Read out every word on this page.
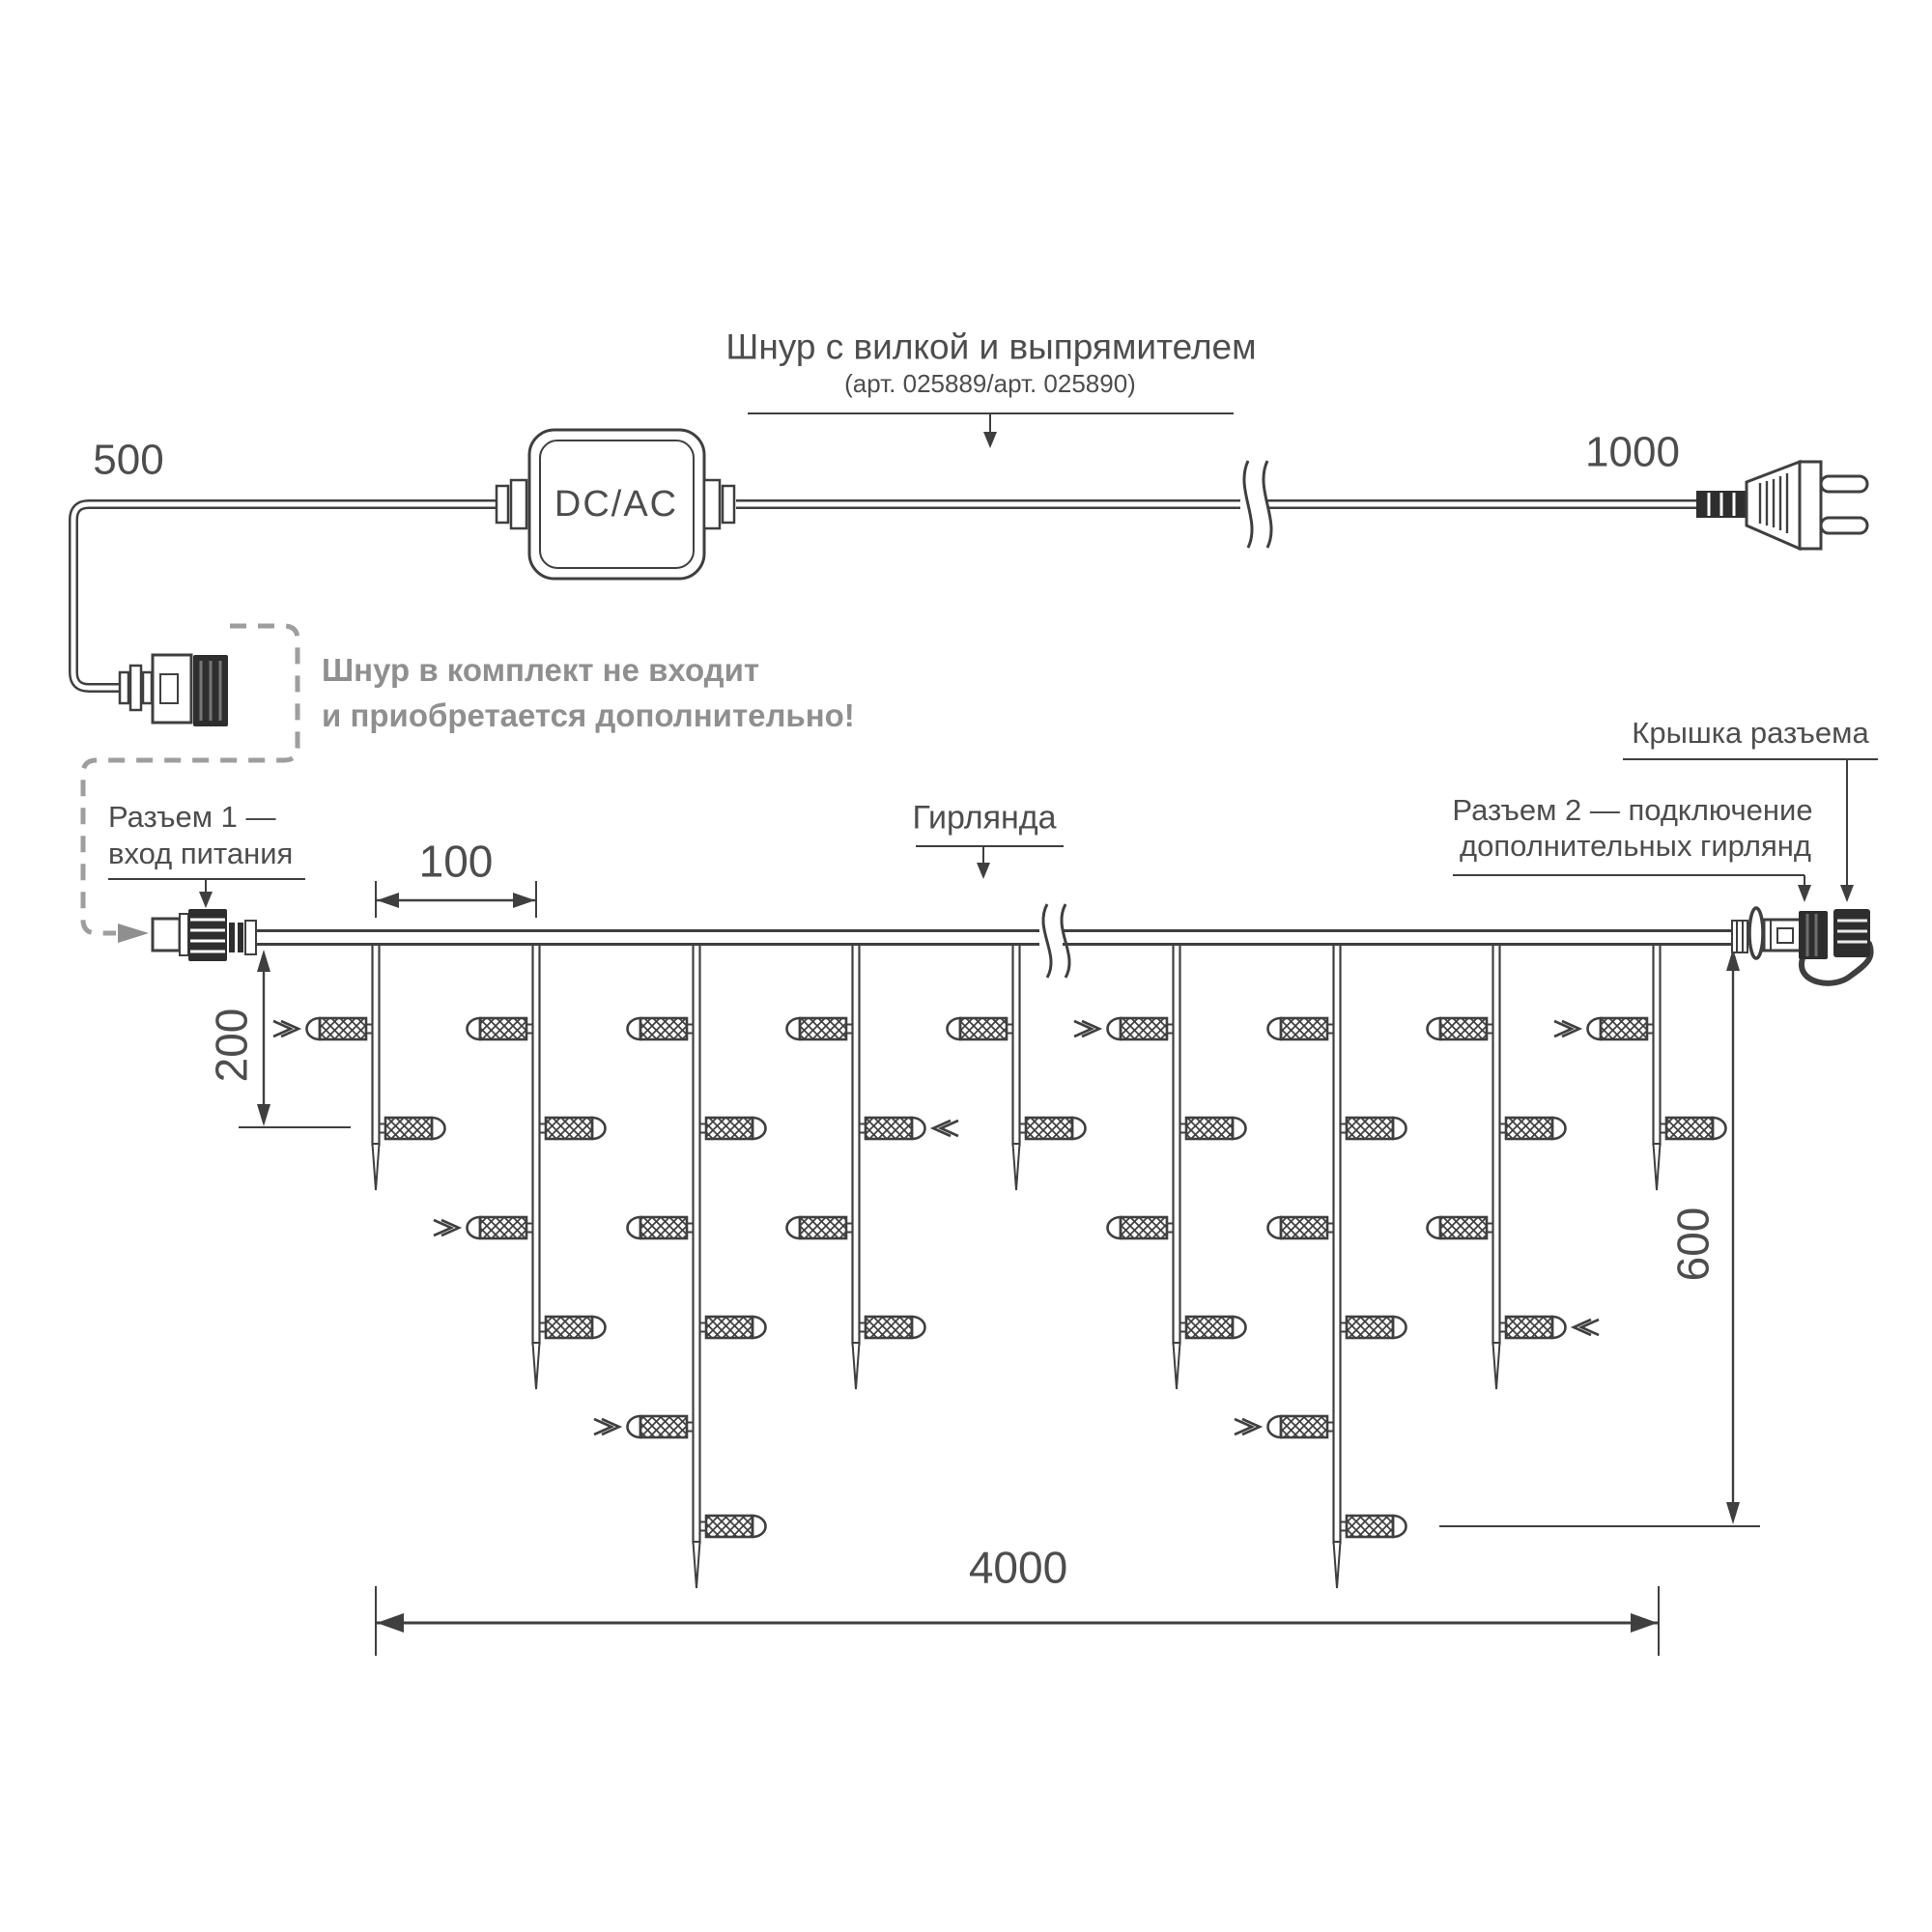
Шнур с вилкой и выпрямителем
(арт. 025889/арт. 025890)
500	1000
DC/AC
Шнур в комплект не входит
и приобретается дополнительно!
Разъем 1 —
вход питания	100
Гирлянда	Разъем 2 — подключение
дополнительных гирлянд
Крышка разъема
200
600
4000
